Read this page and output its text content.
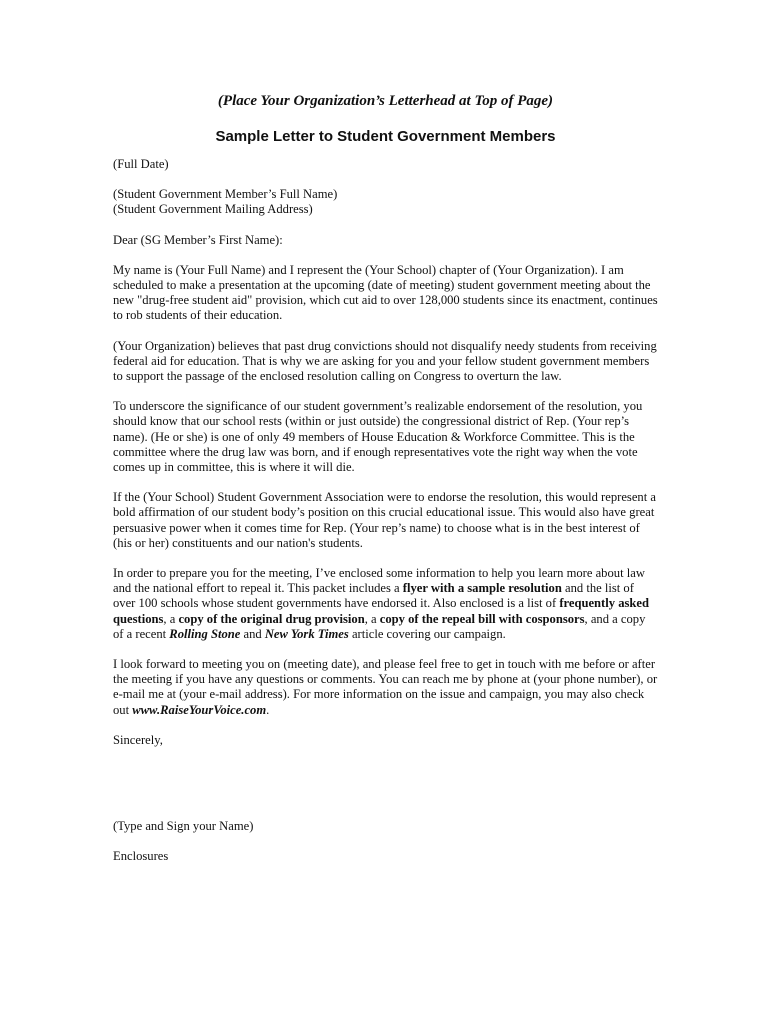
(Place Your Organization’s Letterhead at Top of Page)

Sample Letter to Student Government Members

(Full Date)

(Student Government Member’s Full Name)
(Student Government Mailing Address)

Dear (SG Member’s First Name):

My name is (Your Full Name) and I represent the (Your School) chapter of (Your Organization). I am scheduled to make a presentation at the upcoming (date of meeting) student government meeting about the new "drug-free student aid" provision, which cut aid to over 128,000 students since its enactment, continues to rob students of their education.

(Your Organization) believes that past drug convictions should not disqualify needy students from receiving federal aid for education. That is why we are asking for you and your fellow student government members to support the passage of the enclosed resolution calling on Congress to overturn the law.

To underscore the significance of our student government’s realizable endorsement of the resolution, you should know that our school rests (within or just outside) the congressional district of Rep. (Your rep’s name). (He or she) is one of only 49 members of House Education & Workforce Committee. This is the committee where the drug law was born, and if enough representatives vote the right way when the vote comes up in committee, this is where it will die.

If the (Your School) Student Government Association were to endorse the resolution, this would represent a bold affirmation of our student body’s position on this crucial educational issue. This would also have great persuasive power when it comes time for Rep. (Your rep’s name) to choose what is in the best interest of (his or her) constituents and our nation's students.

In order to prepare you for the meeting, I’ve enclosed some information to help you learn more about law and the national effort to repeal it. This packet includes a flyer with a sample resolution and the list of over 100 schools whose student governments have endorsed it. Also enclosed is a list of frequently asked questions, a copy of the original drug provision, a copy of the repeal bill with cosponsors, and a copy of a recent Rolling Stone and New York Times article covering our campaign.

I look forward to meeting you on (meeting date), and please feel free to get in touch with me before or after the meeting if you have any questions or comments. You can reach me by phone at (your phone number), or e-mail me at (your e-mail address). For more information on the issue and campaign, you may also check out www.RaiseYourVoice.com.

Sincerely,

(Type and Sign your Name)

Enclosures
